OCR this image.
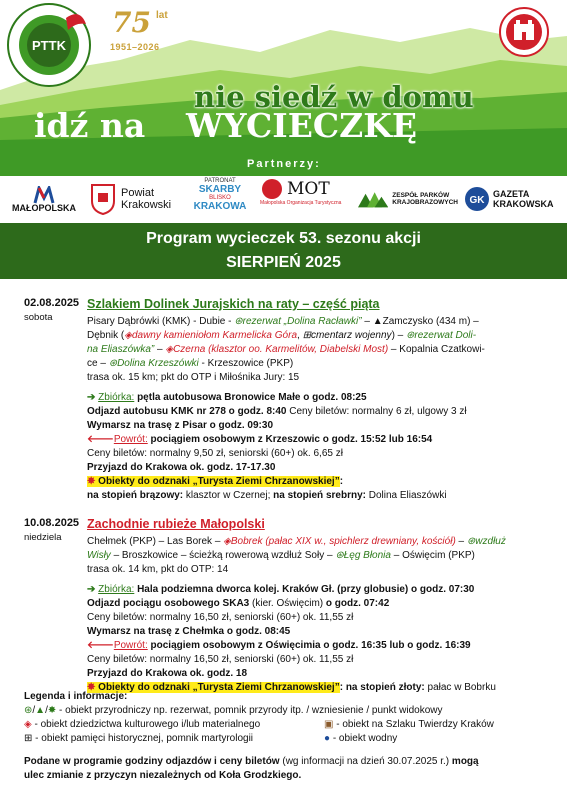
PTTK
75 lat
1951–2026
nie siedź w domu
idź na WYCIECZKĘ
Partnerzy:
MAŁOPOLSKA
Powiat
Krakowski
PATRONAT
SKARBY
BLISKO
KRAKOWA
MOT
Małopolska Organizacja Turystyczna
ZESPÓŁ PARKÓW
KRAJOBRAZOWYCH GK
GAZETA
KRAKOWSKA
Program wycieczek 53. sezonu akcji
SIERPIEŃ 2025
02.08.2025
sobota
Szlakiem Dolinek Jurajskich na raty – część piąta
Pisary Dąbrówki (KMK) - Dubie - ⊛rezerwat „Dolina Racławki” – ▲Zamczysko (434 m) –
Dębnik (◈dawny kamieniołom Karmelicka Góra, ⊞cmentarz wojenny) – ⊛rezerwat Doli-
na Eliaszówka” – ◈Czerna (klasztor oo. Karmelitów, Diabelski Most) – Kopalnia Czatkowi-
ce – ⊛Dolina Krzeszówki - Krzeszowice (PKP)
trasa ok. 15 km; pkt do OTP i Miłośnika Jury: 15
➔ Zbiórka: pętla autobusowa Bronowice Małe o godz. 08:25
Odjazd autobusu KMK nr 278 o godz. 8:40 Ceny biletów: normalny 6 zł, ulgowy 3 zł
Wymarsz na trasę z Pisar o godz. 09:30
🡐Powrót: pociągiem osobowym z Krzeszowic o godz. 15:52 lub 16:54
Ceny biletów: normalny 9,50 zł, seniorski (60+) ok. 6,65 zł
Przyjazd do Krakowa ok. godz. 17-17.30
✸ Obiekty do odznaki „Turysta Ziemi Chrzanowskiej”:
na stopień brązowy: klasztor w Czernej; na stopień srebrny: Dolina Eliaszówki
10.08.2025
niedziela
Zachodnie rubieże Małopolski
Chełmek (PKP) – Las Borek – ◈Bobrek (pałac XIX w., spichlerz drewniany, kościół) – ⊛wzdłuż
Wisły – Broszkowice – ścieżką rowerową wzdłuż Soły – ⊛Łęg Błonia – Oświęcim (PKP)
trasa ok. 14 km, pkt do OTP: 14
➔ Zbiórka: Hala podziemna dworca kolej. Kraków Gł. (przy globusie) o godz. 07:30
Odjazd pociągu osobowego SKA3 (kier. Oświęcim) o godz. 07:42
Ceny biletów: normalny 16,50 zł, seniorski (60+) ok. 11,55 zł
Wymarsz na trasę z Chełmka o godz. 08:45
🡐Powrót: pociągiem osobowym z Oświęcimia o godz. 16:35 lub o godz. 16:39
Ceny biletów: normalny 16,50 zł, seniorski (60+) ok. 11,55 zł
Przyjazd do Krakowa ok. godz. 18
✸ Obiekty do odznaki „Turysta Ziemi Chrzanowskiej”: na stopień złoty: pałac w Bobrku
Legenda i informacje:
⊛/▲/✸ - obiekt przyrodniczy np. rezerwat, pomnik przyrody itp. / wzniesienie / punkt widokowy
◈ - obiekt dziedzictwa kulturowego i/lub materialnego	▣ - obiekt na Szlaku Twierdzy Kraków
⊞ - obiekt pamięci historycznej, pomnik martyrologii	● - obiekt wodny
Podane w programie godziny odjazdów i ceny biletów (wg informacji na dzień 30.07.2025 r.) mogą
ulec zmianie z przyczyn niezależnych od Koła Grodzkiego.
